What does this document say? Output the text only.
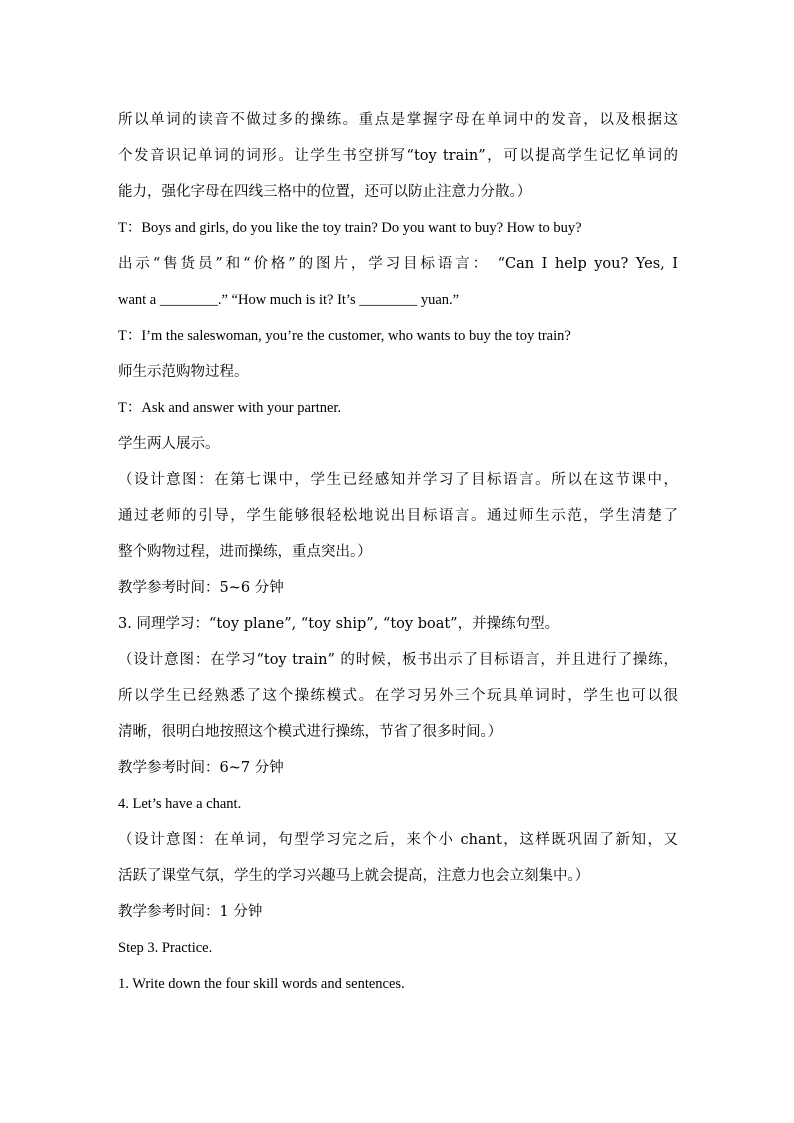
所以单词的读音不做过多的操练。重点是掌握字母在单词中的发音，以及根据这
个发音识记单词的词形。让学生书空拼写“toy train”，可以提高学生记忆单词的
能力，强化字母在四线三格中的位置，还可以防止注意力分散。）
T：Boys and girls, do you like the toy train? Do you want to buy? How to buy?
出示“售货员”和“价格”的图片，学习目标语言： “Can I help you? Yes, I
want a ________.” “How much is it? It’s ________ yuan.”
T：I’m the saleswoman, you’re the customer, who wants to buy the toy train?
师生示范购物过程。
T：Ask and answer with your partner.
学生两人展示。
（设计意图：在第七课中，学生已经感知并学习了目标语言。所以在这节课中，
通过老师的引导，学生能够很轻松地说出目标语言。通过师生示范，学生清楚了
整个购物过程，进而操练，重点突出。）
教学参考时间：5~6 分钟
3. 同理学习：“toy plane”, “toy ship”, “toy boat”，并操练句型。
（设计意图：在学习“toy train” 的时候，板书出示了目标语言，并且进行了操练，
所以学生已经熟悉了这个操练模式。在学习另外三个玩具单词时，学生也可以很
清晰，很明白地按照这个模式进行操练，节省了很多时间。）
教学参考时间：6~7 分钟
4. Let’s have a chant.
（设计意图：在单词，句型学习完之后，来个小 chant，这样既巩固了新知，又
活跃了课堂气氛，学生的学习兴趣马上就会提高，注意力也会立刻集中。）
教学参考时间：1 分钟
Step 3. Practice.
1. Write down the four skill words and sentences.
